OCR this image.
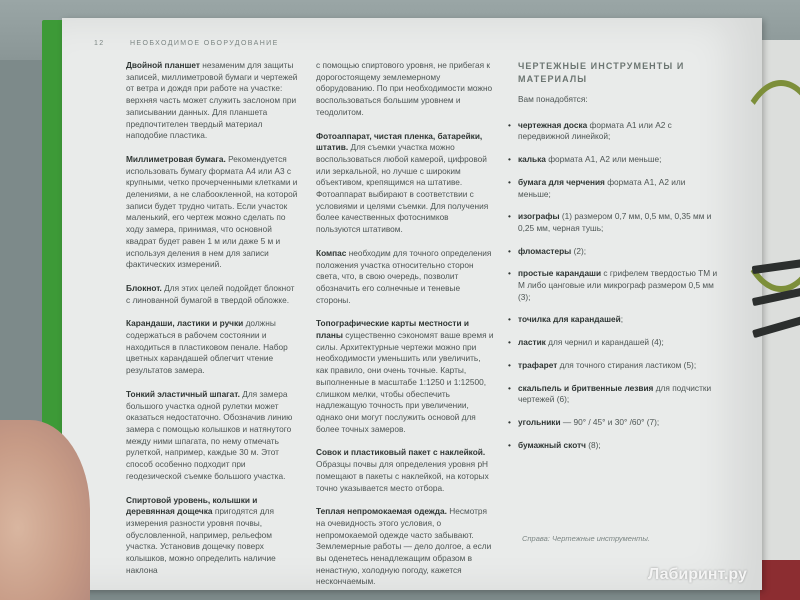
12	НЕОБХОДИМОЕ ОБОРУДОВАНИЕ

Двойной планшет незаменим для защиты записей, миллиметровой бумаги и чертежей от ветра и дождя при работе на участке: верхняя часть может служить заслоном при записывании данных. Для планшета предпочтителен твердый материал наподобие пластика.

Миллиметровая бумага. Рекомендуется использовать бумагу формата А4 или А3 с крупными, четко прочерченными клетками и делениями, а не слабоокленной, на которой записи будет трудно читать. Если участок маленький, его чертеж можно сделать по ходу замера, принимая, что основной квадрат будет равен 1 м или даже 5 м и используя деления в нем для записи фактических измерений.

Блокнот. Для этих целей подойдет блокнот с линованной бумагой в твердой обложке.

Карандаши, ластики и ручки должны содержаться в рабочем состоянии и находиться в пластиковом пенале. Набор цветных карандашей облегчит чтение результатов замера.

Тонкий эластичный шпагат. Для замера большого участка одной рулетки может оказаться недостаточно. Обозначив линию замера с помощью колышков и натянутого между ними шпагата, по нему отмечать рулеткой, например, каждые 30 м. Этот способ особенно подходит при геодезической съемке большого участка.

Спиртовой уровень, колышки и деревянная дощечка пригодятся для измерения разности уровня почвы, обусловленной, например, рельефом участка. Установив дощечку поверх колышков, можно определить наличие наклона

с помощью спиртового уровня, не прибегая к дорогостоящему землемерному оборудованию. По при необходимости можно воспользоваться большим уровнем и теодолитом.

Фотоаппарат, чистая пленка, батарейки, штатив. Для съемки участка можно воспользоваться любой камерой, цифровой или зеркальной, но лучше с широким объективом, крепящимся на штативе. Фотоаппарат выбирают в соответствии с условиями и целями съемки. Для получения более качественных фотоснимков пользуются штативом.

Компас необходим для точного определения положения участка относительно сторон света, что, в свою очередь, позволит обозначить его солнечные и теневые стороны.

Топографические карты местности и планы существенно сэкономят ваше время и силы. Архитектурные чертежи можно при необходимости уменьшить или увеличить, как правило, они очень точные. Карты, выполненные в масштабе 1:1250 и 1:12500, слишком мелки, чтобы обеспечить надлежащую точность при увеличении, однако они могут послужить основой для более точных замеров.

Совок и пластиковый пакет с наклейкой. Образцы почвы для определения уровня pH помещают в пакеты с наклейкой, на которых точно указывается место отбора.

Теплая непромокаемая одежда. Несмотря на очевидность этого условия, о непромокаемой одежде часто забывают. Землемерные работы — дело долгое, а если вы оденетесь ненадлежащим образом в ненастную, холодную погоду, кажется нескончаемым.

ЧЕРТЕЖНЫЕ ИНСТРУМЕНТЫ И МАТЕРИАЛЫ
Вам понадобятся:
• чертежная доска формата А1 или А2 с передвижной линейкой;
• калька формата А1, А2 или меньше;
• бумага для черчения формата А1, А2 или меньше;
• изографы (1) размером 0,7 мм, 0,5 мм, 0,35 мм и 0,25 мм, черная тушь;
• фломастеры (2);
• простые карандаши с грифелем твердостью ТМ и М либо цанговые или микрограф размером 0,5 мм (3);
• точилка для карандашей;
• ластик для чернил и карандашей (4);
• трафарет для точного стирания ластиком (5);
• скальпель и бритвенные лезвия для подчистки чертежей (6);
• угольники — 90° / 45° и 30° /60° (7);
• бумажный скотч (8);
Справа: Чертежные инструменты.
Лабиринт.ру
